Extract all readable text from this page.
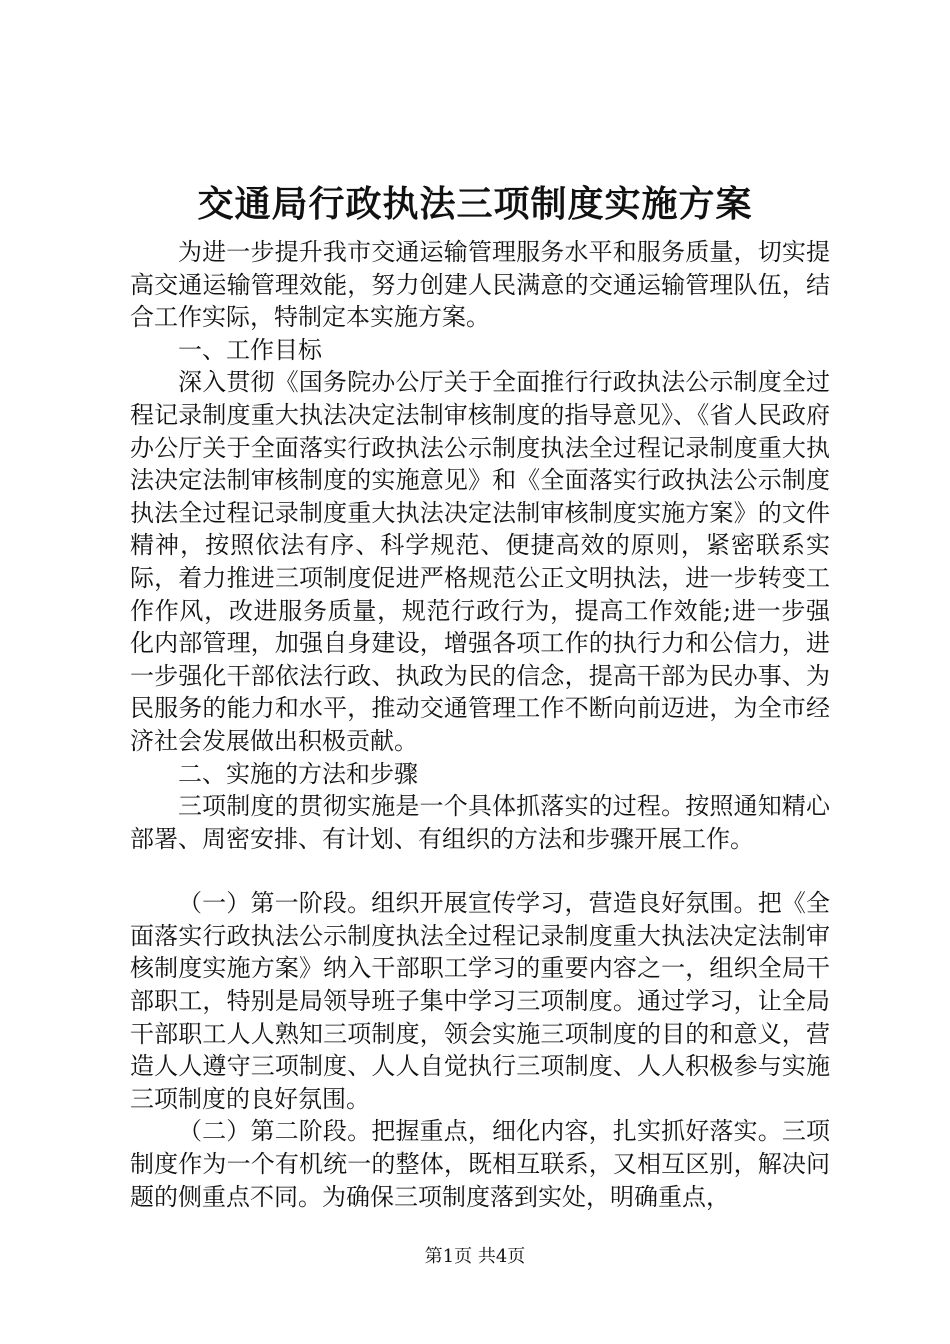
交通局行政执法三项制度实施方案

为进一步提升我市交通运输管理服务水平和服务质量，切实提高交通运输管理效能，努力创建人民满意的交通运输管理队伍，结合工作实际，特制定本实施方案。

一、工作目标

深入贯彻《国务院办公厅关于全面推行行政执法公示制度全过程记录制度重大执法决定法制审核制度的指导意见》、《省人民政府办公厅关于全面落实行政执法公示制度执法全过程记录制度重大执法决定法制审核制度的实施意见》和《全面落实行政执法公示制度执法全过程记录制度重大执法决定法制审核制度实施方案》的文件精神，按照依法有序、科学规范、便捷高效的原则，紧密联系实际，着力推进三项制度促进严格规范公正文明执法，进一步转变工作作风，改进服务质量，规范行政行为，提高工作效能;进一步强化内部管理，加强自身建设，增强各项工作的执行力和公信力，进一步强化干部依法行政、执政为民的信念，提高干部为民办事、为民服务的能力和水平，推动交通管理工作不断向前迈进，为全市经济社会发展做出积极贡献。

二、实施的方法和步骤

三项制度的贯彻实施是一个具体抓落实的过程。按照通知精心部署、周密安排、有计划、有组织的方法和步骤开展工作。

（一）第一阶段。组织开展宣传学习，营造良好氛围。把《全面落实行政执法公示制度执法全过程记录制度重大执法决定法制审核制度实施方案》纳入干部职工学习的重要内容之一，组织全局干部职工，特别是局领导班子集中学习三项制度。通过学习，让全局干部职工人人熟知三项制度，领会实施三项制度的目的和意义，营造人人遵守三项制度、人人自觉执行三项制度、人人积极参与实施三项制度的良好氛围。

（二）第二阶段。把握重点，细化内容，扎实抓好落实。三项制度作为一个有机统一的整体，既相互联系，又相互区别，解决问题的侧重点不同。为确保三项制度落到实处，明确重点，

第1页 共4页
